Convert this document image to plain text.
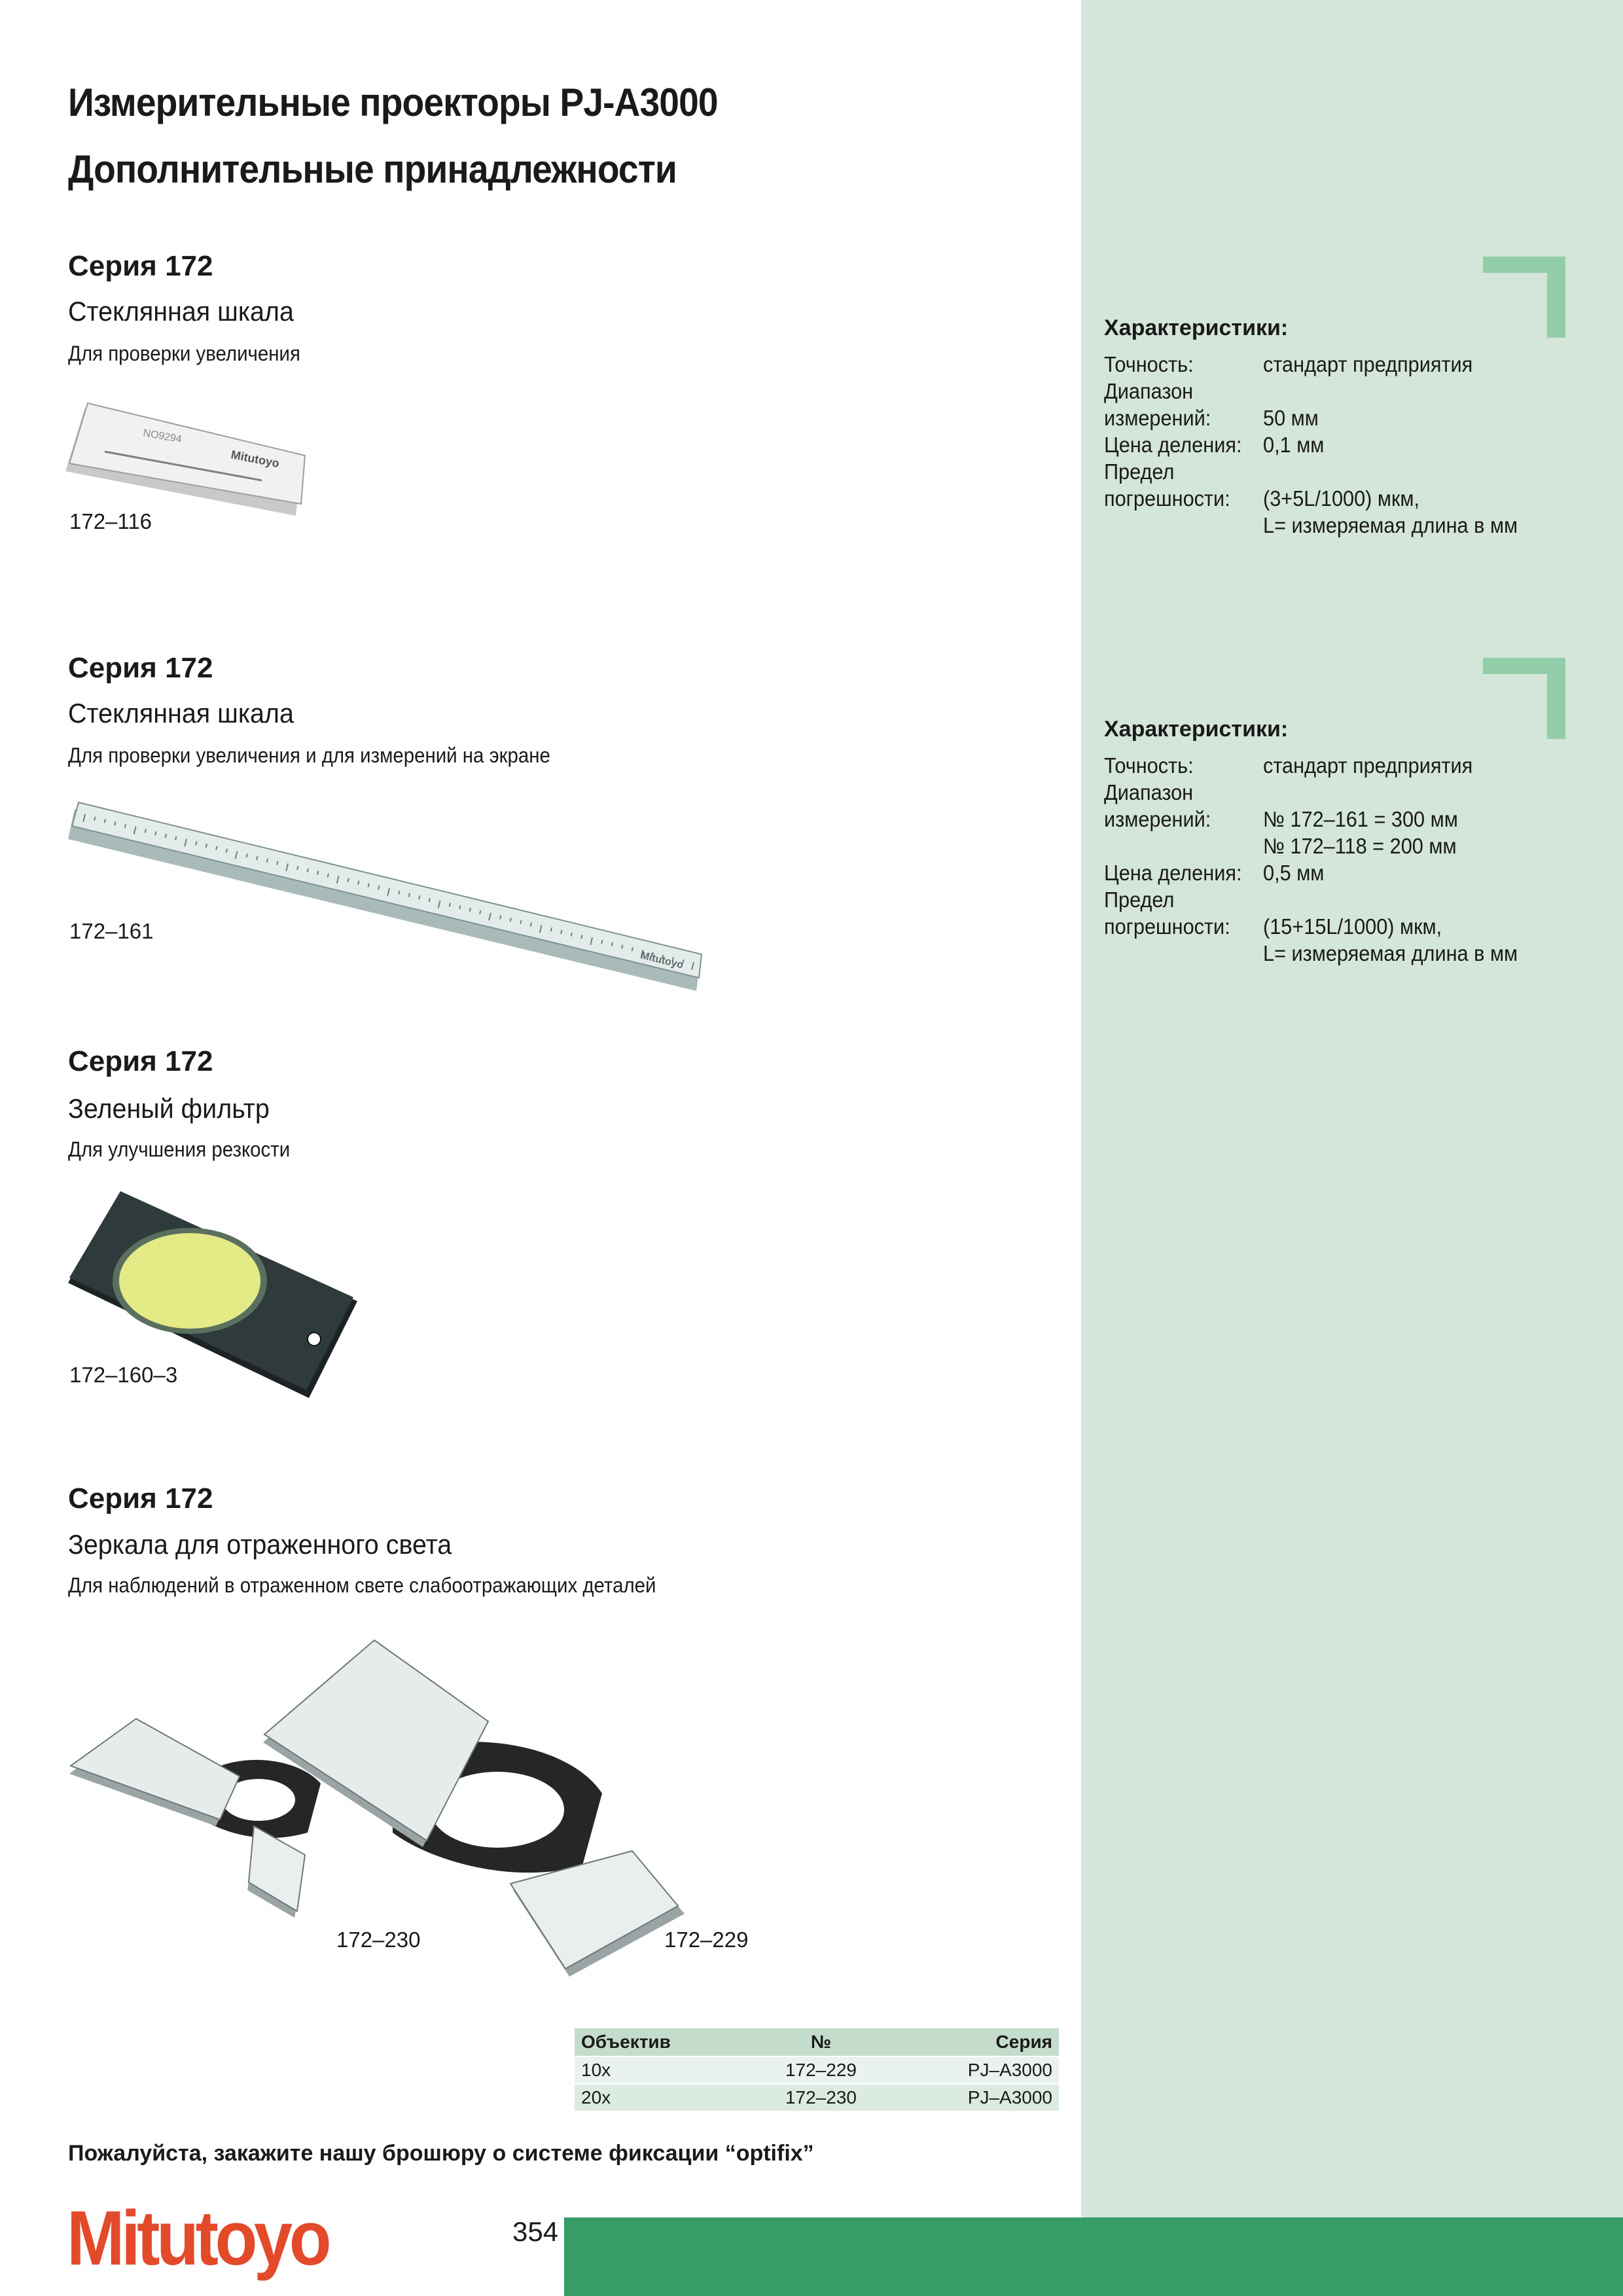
Измерительные проекторы PJ-A3000
Дополнительные принадлежности
Серия 172
Стеклянная шкала
Для проверки увеличения
NO9294
Mitutoyo
172–116
Характеристики:
Точность:	стандарт предприятия
Диапазон
измерений: 50 мм
Цена деления: 0,1 мм
Предел
погрешности: (3+5L/1000) мкм,
L= измеряемая длина в мм
Серия 172
Стеклянная шкала
Для проверки увеличения и для измерений на экране
Mitutoyo
172–161
Характеристики:
Точность:	стандарт предприятия
Диапазон
измерений: № 172–161 = 300 мм
№ 172–118 = 200 мм
Цена деления: 0,5 мм
Предел
погрешности: (15+15L/1000) мкм,
L= измеряемая длина в мм
Серия 172
Зеленый фильтр
Для улучшения резкости
172–160–3
Серия 172
Зеркала для отраженного света
Для наблюдений в отраженном свете слабоотражающих деталей
172–230	172–229
Объектив	№	Серия
10x	172–229	PJ–A3000
20x	172–230	PJ–A3000
Пожалуйста, закажите нашу брошюру о системе фиксации “optifix”
Mitutoyo	354
